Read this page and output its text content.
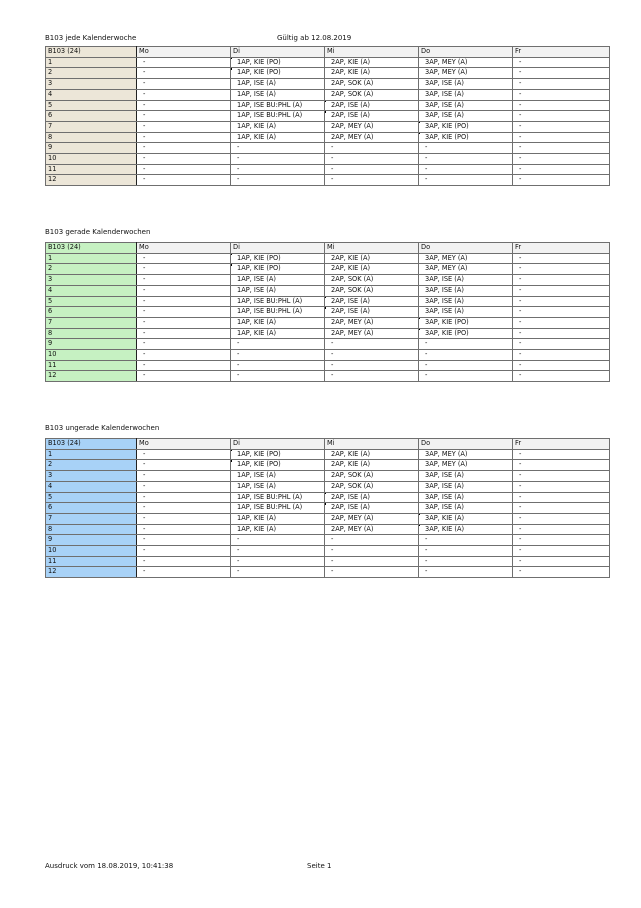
B103 jede Kalenderwoche	Gültig ab 12.08.2019
B103 (24)	Mo	Di	Mi	Do	Fr
1	-	1AP, KIE (PO)	2AP, KIE (A)	3AP, MEY (A)	-
2	-	1AP, KIE (PO)	2AP, KIE (A)	3AP, MEY (A)	-
3	-	1AP, ISE (A)	2AP, SOK (A)	3AP, ISE (A)	-
4	-	1AP, ISE (A)	2AP, SOK (A)	3AP, ISE (A)	-
5	-	1AP, ISE BU:PHL (A)	2AP, ISE (A)	3AP, ISE (A)	-
6	-	1AP, ISE BU:PHL (A)	2AP, ISE (A)	3AP, ISE (A)	-
7	-	1AP, KIE (A)	2AP, MEY (A)	3AP, KIE (PO)	-
8	-	1AP, KIE (A)	2AP, MEY (A)	3AP, KIE (PO)	-
9	-	-	-	-	-
10	-	-	-	-	-
11	-	-	-	-	-
12	-	-	-	-	-
B103 gerade Kalenderwochen
B103 (24)	Mo	Di	Mi	Do	Fr
1	-	1AP, KIE (PO)	2AP, KIE (A)	3AP, MEY (A)	-
2	-	1AP, KIE (PO)	2AP, KIE (A)	3AP, MEY (A)	-
3	-	1AP, ISE (A)	2AP, SOK (A)	3AP, ISE (A)	-
4	-	1AP, ISE (A)	2AP, SOK (A)	3AP, ISE (A)	-
5	-	1AP, ISE BU:PHL (A)	2AP, ISE (A)	3AP, ISE (A)	-
6	-	1AP, ISE BU:PHL (A)	2AP, ISE (A)	3AP, ISE (A)	-
7	-	1AP, KIE (A)	2AP, MEY (A)	3AP, KIE (PO)	-
8	-	1AP, KIE (A)	2AP, MEY (A)	3AP, KIE (PO)	-
9	-	-	-	-	-
10	-	-	-	-	-
11	-	-	-	-	-
12	-	-	-	-	-
B103 ungerade Kalenderwochen
B103 (24)	Mo	Di	Mi	Do	Fr
1	-	1AP, KIE (PO)	2AP, KIE (A)	3AP, MEY (A)	-
2	-	1AP, KIE (PO)	2AP, KIE (A)	3AP, MEY (A)	-
3	-	1AP, ISE (A)	2AP, SOK (A)	3AP, ISE (A)	-
4	-	1AP, ISE (A)	2AP, SOK (A)	3AP, ISE (A)	-
5	-	1AP, ISE BU:PHL (A)	2AP, ISE (A)	3AP, ISE (A)	-
6	-	1AP, ISE BU:PHL (A)	2AP, ISE (A)	3AP, ISE (A)	-
7	-	1AP, KIE (A)	2AP, MEY (A)	3AP, KIE (A)	-
8	-	1AP, KIE (A)	2AP, MEY (A)	3AP, KIE (A)	-
9	-	-	-	-	-
10	-	-	-	-	-
11	-	-	-	-	-
12	-	-	-	-	-
Ausdruck vom 18.08.2019, 10:41:38	Seite 1
